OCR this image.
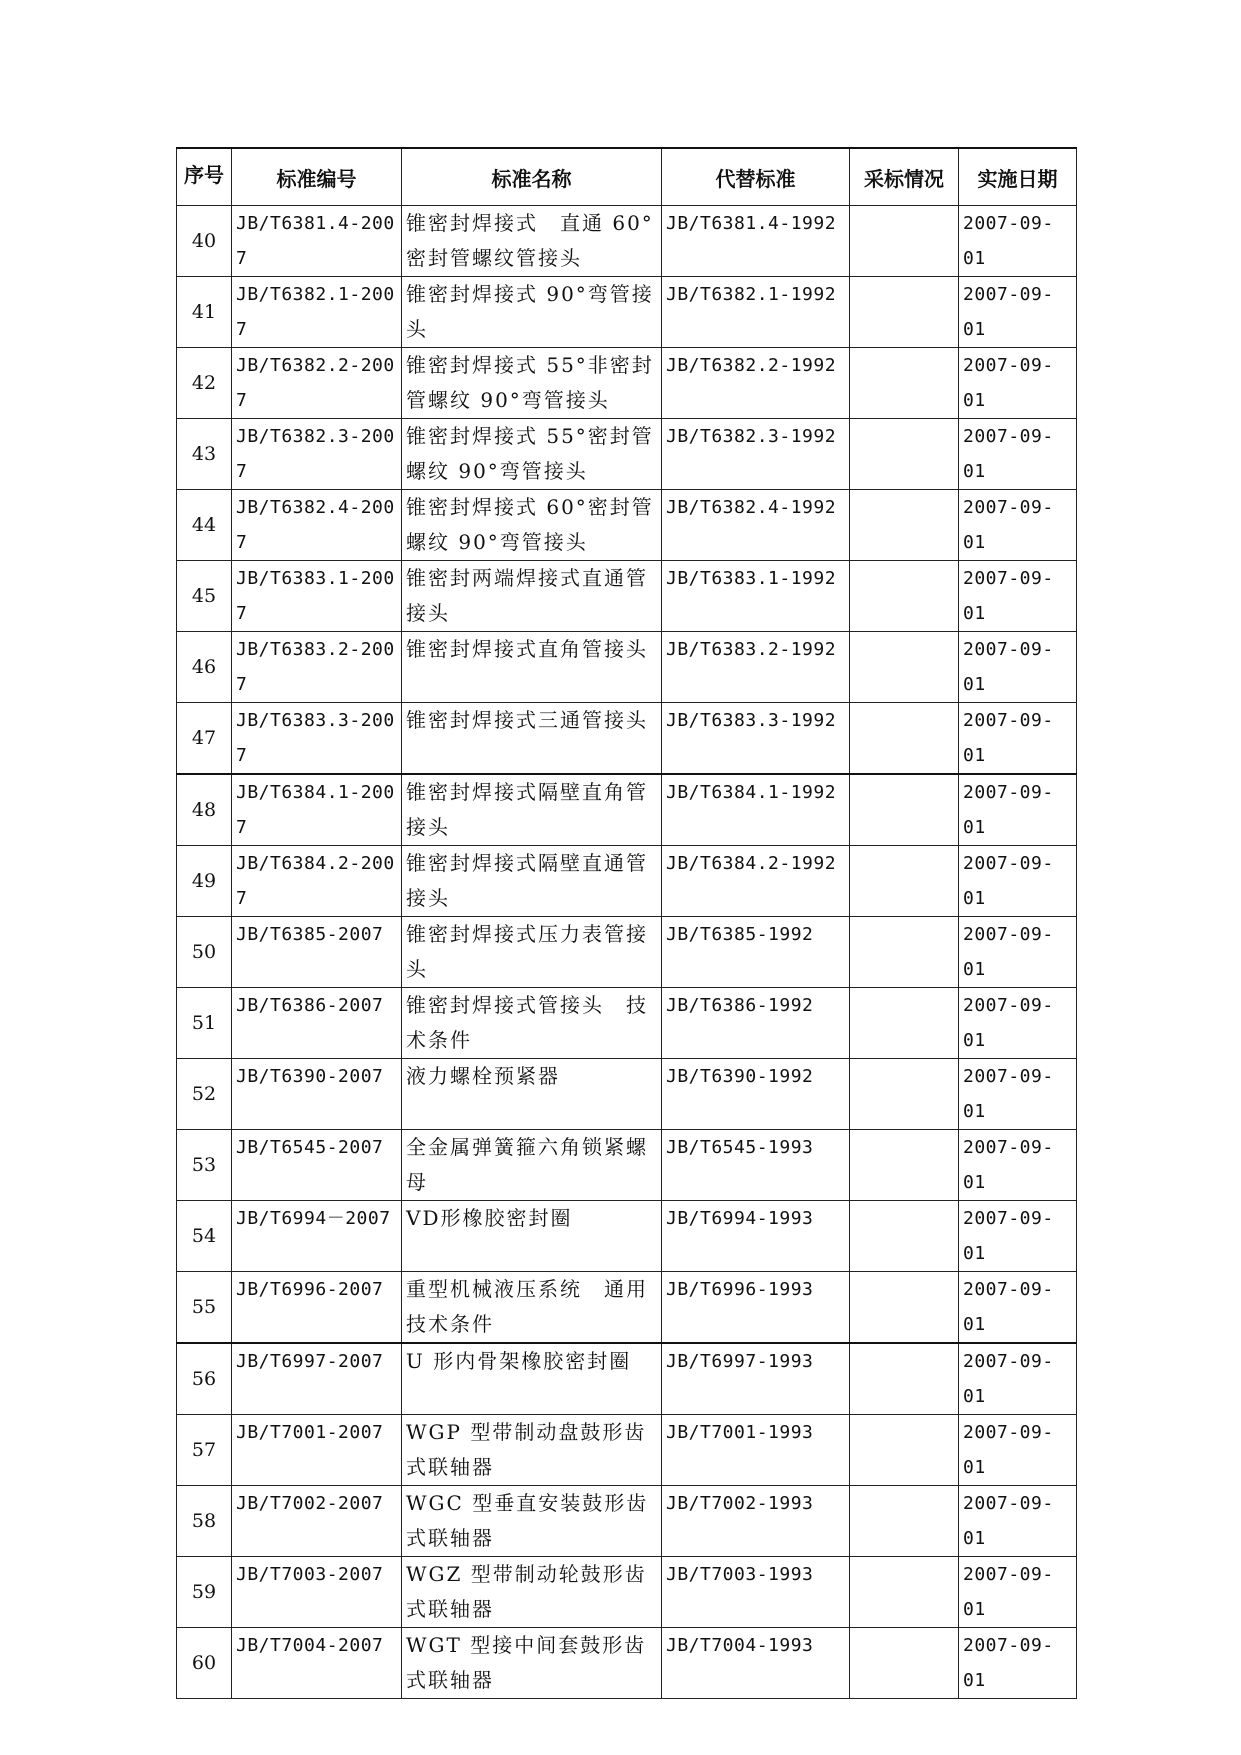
序号	标准编号	标准名称	代替标准	采标情况	实施日期
40	JB/T6381.4-2007	锥密封焊接式　直通 60°密封管螺纹管接头	JB/T6381.4-1992		2007-09-01
41	JB/T6382.1-2007	锥密封焊接式 90°弯管接头	JB/T6382.1-1992		2007-09-01
42	JB/T6382.2-2007	锥密封焊接式 55°非密封管螺纹 90°弯管接头	JB/T6382.2-1992		2007-09-01
43	JB/T6382.3-2007	锥密封焊接式 55°密封管螺纹 90°弯管接头	JB/T6382.3-1992		2007-09-01
44	JB/T6382.4-2007	锥密封焊接式 60°密封管螺纹 90°弯管接头	JB/T6382.4-1992		2007-09-01
45	JB/T6383.1-2007	锥密封两端焊接式直通管接头	JB/T6383.1-1992		2007-09-01
46	JB/T6383.2-2007	锥密封焊接式直角管接头	JB/T6383.2-1992		2007-09-01
47	JB/T6383.3-2007	锥密封焊接式三通管接头	JB/T6383.3-1992		2007-09-01
48	JB/T6384.1-2007	锥密封焊接式隔壁直角管接头	JB/T6384.1-1992		2007-09-01
49	JB/T6384.2-2007	锥密封焊接式隔壁直通管接头	JB/T6384.2-1992		2007-09-01
50	JB/T6385-2007	锥密封焊接式压力表管接头	JB/T6385-1992		2007-09-01
51	JB/T6386-2007	锥密封焊接式管接头　技术条件	JB/T6386-1992		2007-09-01
52	JB/T6390-2007	液力螺栓预紧器	JB/T6390-1992		2007-09-01
53	JB/T6545-2007	全金属弹簧箍六角锁紧螺母	JB/T6545-1993		2007-09-01
54	JB/T6994－2007	VD形橡胶密封圈	JB/T6994-1993		2007-09-01
55	JB/T6996-2007	重型机械液压系统　通用技术条件	JB/T6996-1993		2007-09-01
56	JB/T6997-2007	U 形内骨架橡胶密封圈	JB/T6997-1993		2007-09-01
57	JB/T7001-2007	WGP 型带制动盘鼓形齿式联轴器	JB/T7001-1993		2007-09-01
58	JB/T7002-2007	WGC 型垂直安装鼓形齿式联轴器	JB/T7002-1993		2007-09-01
59	JB/T7003-2007	WGZ 型带制动轮鼓形齿式联轴器	JB/T7003-1993		2007-09-01
60	JB/T7004-2007	WGT 型接中间套鼓形齿式联轴器	JB/T7004-1993		2007-09-01
